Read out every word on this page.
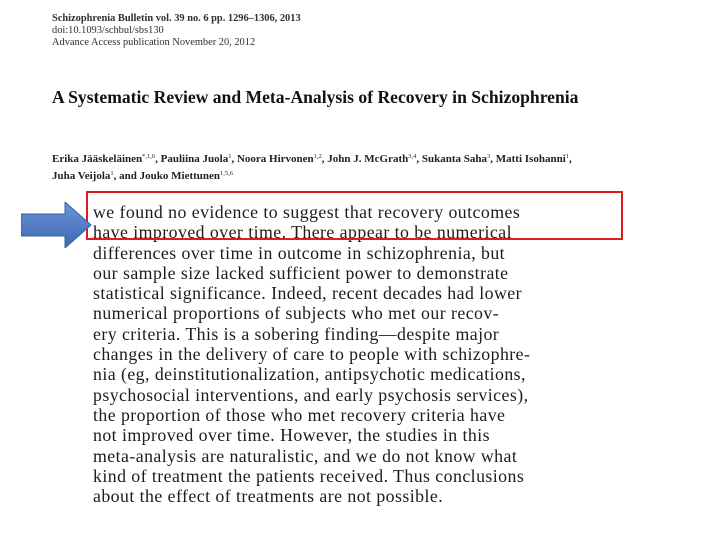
Schizophrenia Bulletin vol. 39 no. 6 pp. 1296–1306, 2013
doi:10.1093/schbul/sbs130
Advance Access publication November 20, 2012
A Systematic Review and Meta-Analysis of Recovery in Schizophrenia
Erika Jääskeläinen$^{*,1,6}$, Pauliina Juola$^1$, Noora Hirvonen$^{1,2}$, John J. McGrath$^{3,4}$, Sukanta Saha$^3$, Matti Isohanni$^1$,
Juha Veijola$^1$, and Jouko Miettunen$^{1,5,6}$
we found no evidence to suggest that recovery outcomes
have improved over time. There appear to be numerical
differences over time in outcome in schizophrenia, but
our sample size lacked sufficient power to demonstrate
statistical significance. Indeed, recent decades had lower
numerical proportions of subjects who met our recov-
ery criteria. This is a sobering finding—despite major
changes in the delivery of care to people with schizophre-
nia (eg, deinstitutionalization, antipsychotic medications,
psychosocial interventions, and early psychosis services),
the proportion of those who met recovery criteria have
not improved over time. However, the studies in this
meta-analysis are naturalistic, and we do not know what
kind of treatment the patients received. Thus conclusions
about the effect of treatments are not possible.
